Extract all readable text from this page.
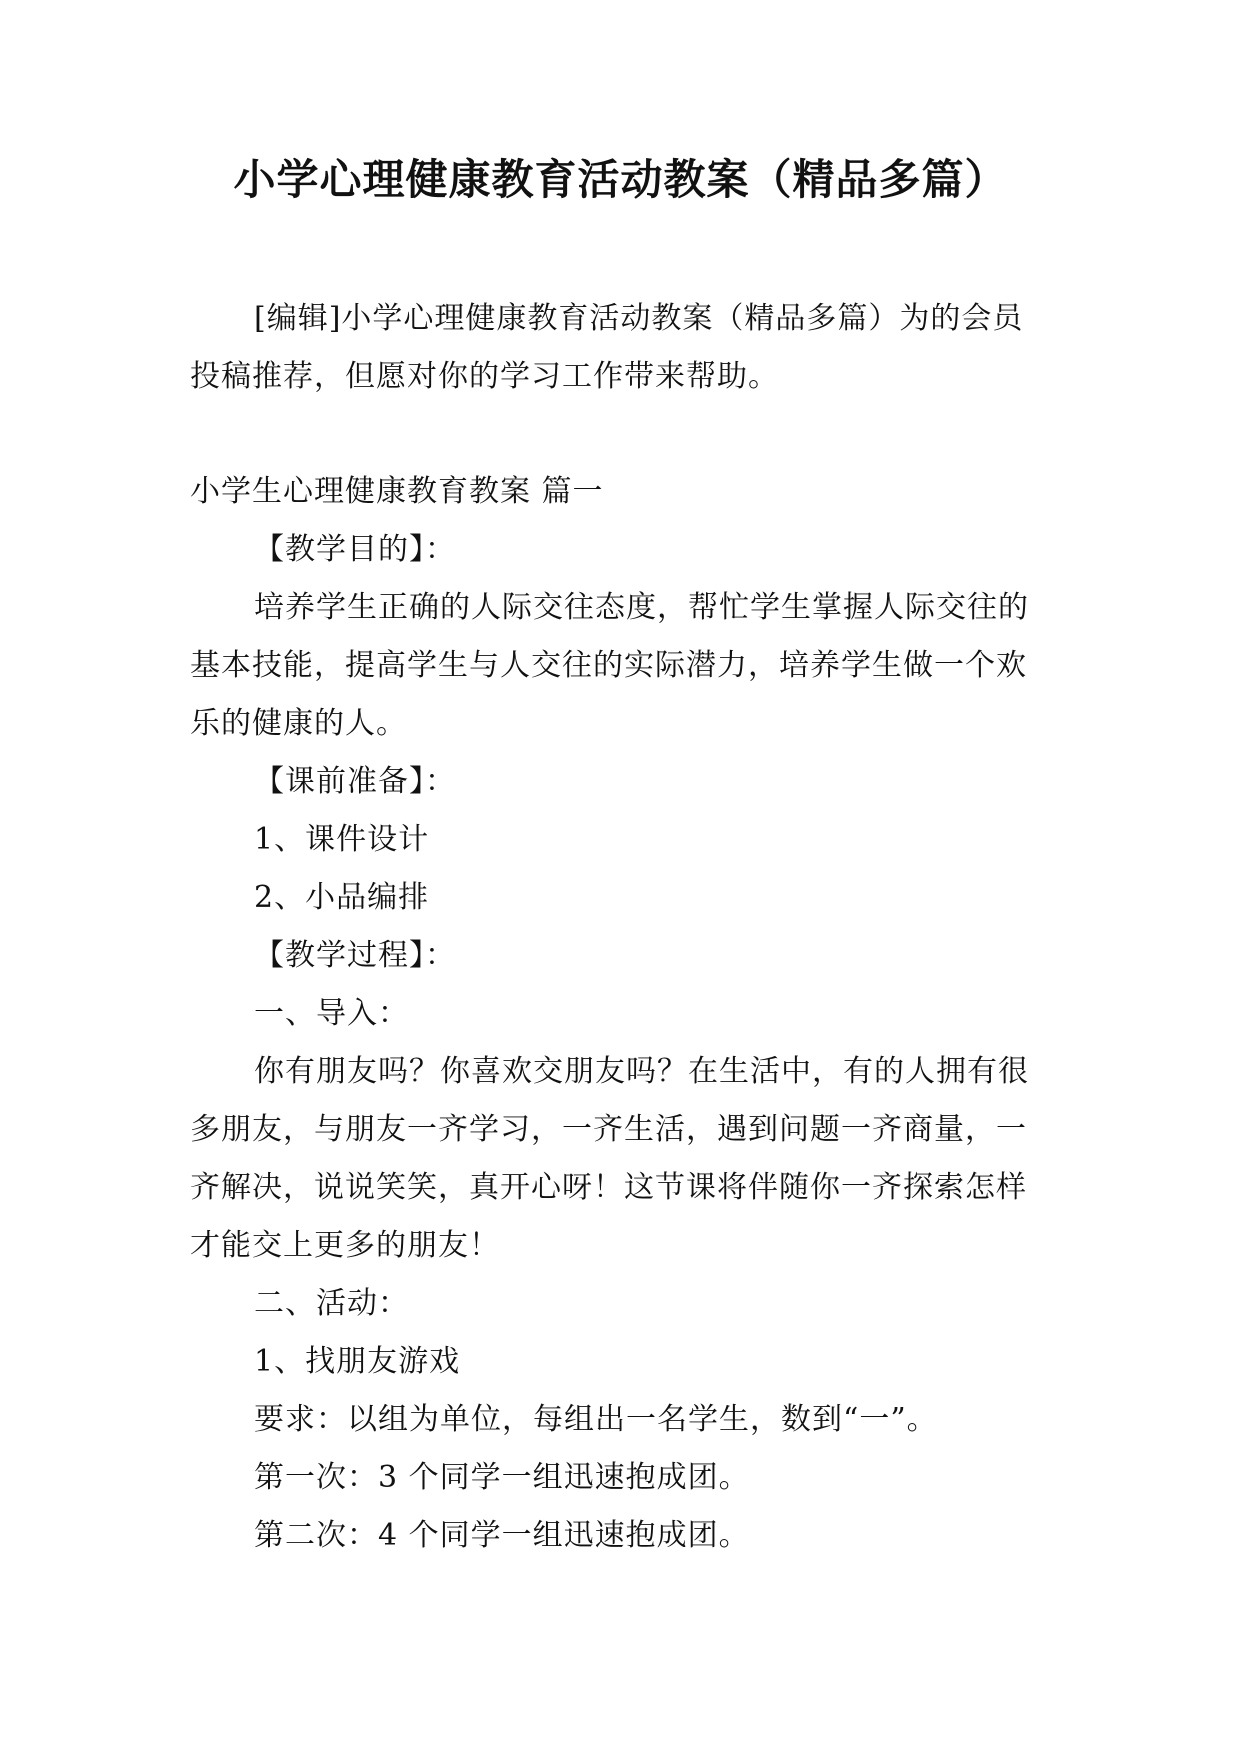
小学心理健康教育活动教案（精品多篇）

[编辑]小学心理健康教育活动教案（精品多篇）为的会员投稿推荐，但愿对你的学习工作带来帮助。

小学生心理健康教育教案 篇一

【教学目的】：

培养学生正确的人际交往态度，帮忙学生掌握人际交往的基本技能，提高学生与人交往的实际潜力，培养学生做一个欢乐的健康的人。

【课前准备】：

1、课件设计

2、小品编排

【教学过程】：

一、导入：

你有朋友吗？你喜欢交朋友吗？在生活中，有的人拥有很多朋友，与朋友一齐学习，一齐生活，遇到问题一齐商量，一齐解决，说说笑笑，真开心呀！这节课将伴随你一齐探索怎样才能交上更多的朋友！

二、活动：

1、找朋友游戏

要求：以组为单位，每组出一名学生，数到“一”。

第一次：3 个同学一组迅速抱成团。

第二次：4 个同学一组迅速抱成团。
